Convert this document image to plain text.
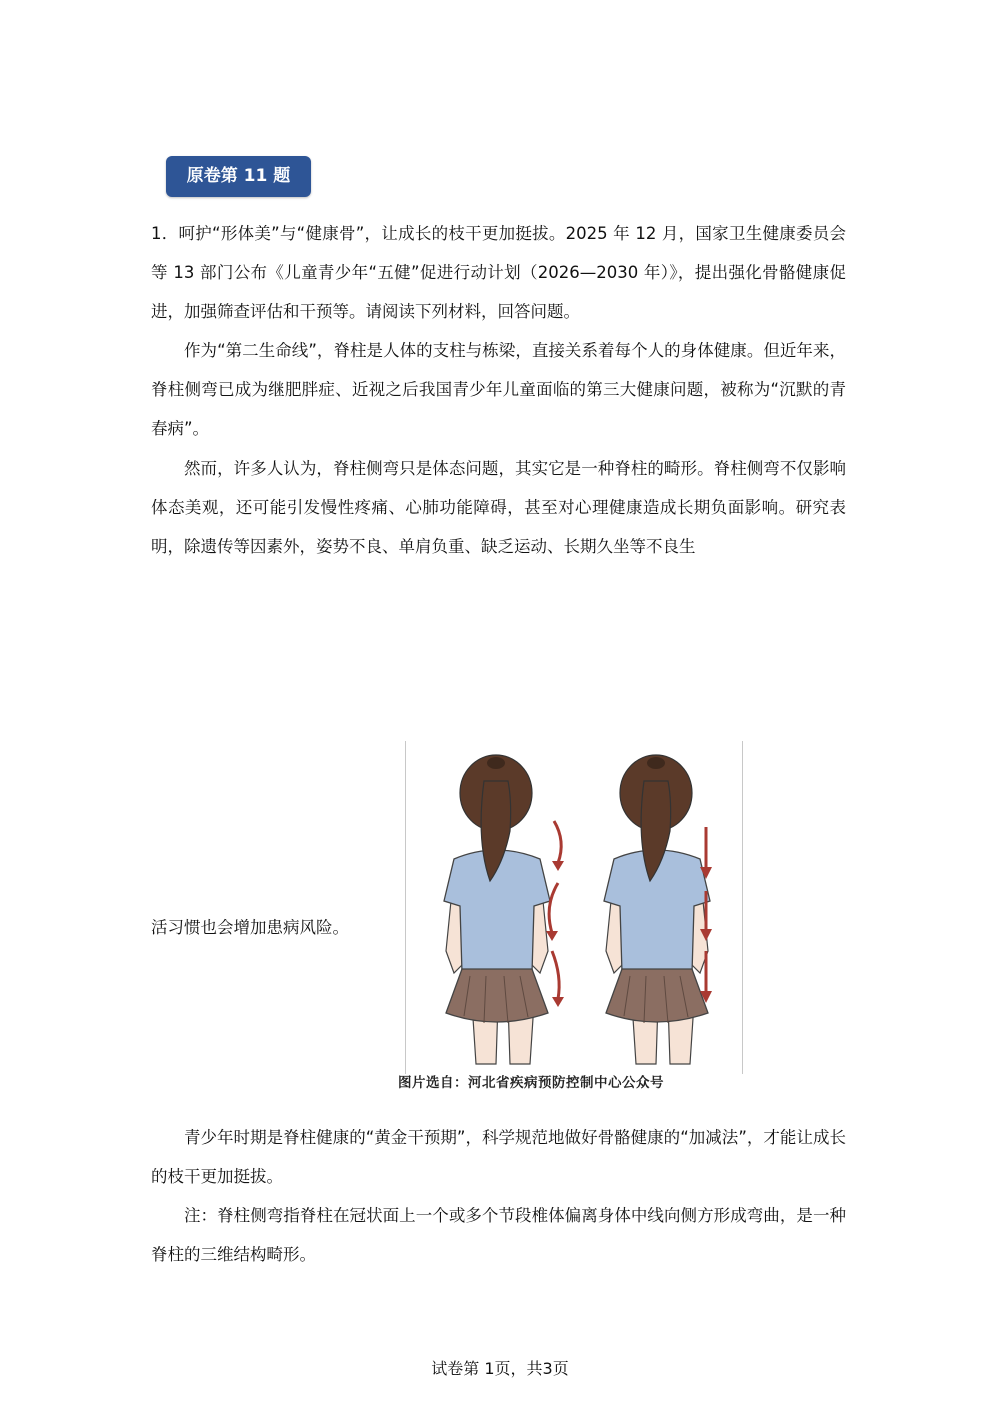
原卷第 11 题

1．呵护“形体美”与“健康骨”，让成长的枝干更加挺拔。2025 年 12 月，国家卫生健康委员会等 13 部门公布《儿童青少年“五健”促进行动计划（2026—2030 年）》，提出强化骨骼健康促进，加强筛查评估和干预等。请阅读下列材料，回答问题。

作为“第二生命线”，脊柱是人体的支柱与栋梁，直接关系着每个人的身体健康。但近年来，脊柱侧弯已成为继肥胖症、近视之后我国青少年儿童面临的第三大健康问题，被称为“沉默的青春病”。

然而，许多人认为，脊柱侧弯只是体态问题，其实它是一种脊柱的畸形。脊柱侧弯不仅影响体态美观，还可能引发慢性疼痛、心肺功能障碍，甚至对心理健康造成长期负面影响。研究表明，除遗传等因素外，姿势不良、单肩负重、缺乏运动、长期久坐等不良生

活习惯也会增加患病风险。
图片选自：河北省疾病预防控制中心公众号

青少年时期是脊柱健康的“黄金干预期”，科学规范地做好骨骼健康的“加减法”，才能让成长的枝干更加挺拔。

注：脊柱侧弯指脊柱在冠状面上一个或多个节段椎体偏离身体中线向侧方形成弯曲，是一种脊柱的三维结构畸形。

试卷第 1页，共3页
